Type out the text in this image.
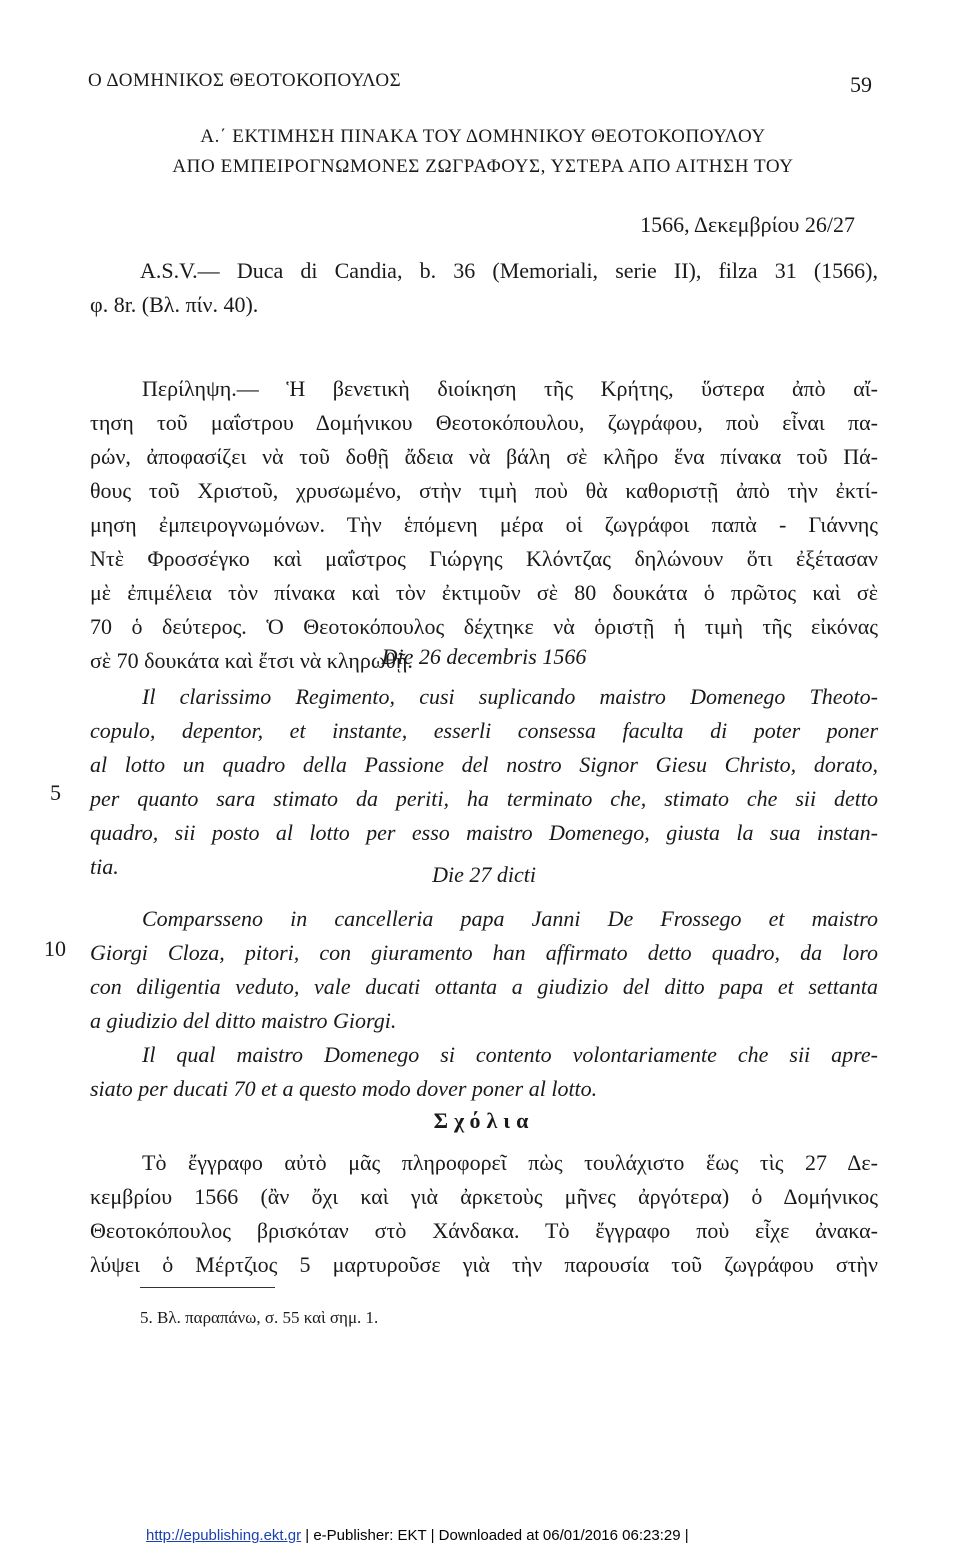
Ο ΔΟΜΗΝΙΚΟΣ ΘΕΟΤΟΚΟΠΟΥΛΟΣ	59
Α.΄ ΕΚΤΙΜΗΣΗ ΠΙΝΑΚΑ ΤΟΥ ΔΟΜΗΝΙΚΟΥ ΘΕΟΤΟΚΟΠΟΥΛΟΥ
ΑΠΟ ΕΜΠΕΙΡΟΓΝΩΜΟΝΕΣ ΖΩΓΡΑΦΟΥΣ, ΥΣΤΕΡΑ ΑΠΟ ΑΙΤΗΣΗ ΤΟΥ
1566, Δεκεμβρίου 26/27
A.S.V.— Duca di Candia, b. 36 (Memoriali, serie II), filza 31 (1566),
φ. 8r. (Βλ. πίν. 40).
Περίληψη.— Ἡ βενετικὴ διοίκηση τῆς Κρήτης, ὕστερα ἀπὸ αἴ-
τηση τοῦ μαΐστρου Δομήνικου Θεοτοκόπουλου, ζωγράφου, ποὺ εἶναι πα-
ρών, ἀποφασίζει νὰ τοῦ δοθῇ ἄδεια νὰ βάλη σὲ κλῆρο ἕνα πίνακα τοῦ Πά-
θους τοῦ Χριστοῦ, χρυσωμένο, στὴν τιμὴ ποὺ θὰ καθοριστῇ ἀπὸ τὴν ἐκτί-
μηση ἐμπειρογνωμόνων. Τὴν ἑπόμενη μέρα οἱ ζωγράφοι παπὰ - Γιάννης
Ντὲ Φροσσέγκο καὶ μαΐστρος Γιώργης Κλόντζας δηλώνουν ὅτι ἐξέτασαν
μὲ ἐπιμέλεια τὸν πίνακα καὶ τὸν ἐκτιμοῦν σὲ 80 δουκάτα ὁ πρῶτος καὶ σὲ
70 ὁ δεύτερος. Ὁ Θεοτοκόπουλος δέχτηκε νὰ ὁριστῇ ἡ τιμὴ τῆς εἰκόνας
σὲ 70 δουκάτα καὶ ἔτσι νὰ κληρωθῇ.
Die 26 decembris 1566
Il clarissimo Regimento, cusi suplicando maistro Domenego Theoto-
copulo, depentor, et instante, esserli consessa faculta di poter poner
al lotto un quadro della Passione del nostro Signor Giesu Christo, dorato,
per quanto sara stimato da periti, ha terminato che, stimato che sii detto
quadro, sii posto al lotto per esso maistro Domenego, giusta la sua instan-
tia.	Die 27 dicti
Comparsseno in cancelleria papa Janni De Frossego et maistro
Giorgi Cloza, pitori, con giuramento han affirmato detto quadro, da loro
con diligentia veduto, vale ducati ottanta a giudizio del ditto papa et settanta
a giudizio del ditto maistro Giorgi.
Il qual maistro Domenego si contento volontariamente che sii apre-
siato per ducati 70 et a questo modo dover poner al lotto.
5
10
Σχόλια
Τὸ ἔγγραφο αὐτὸ μᾶς πληροφορεῖ πὼς τουλάχιστο ἕως τὶς 27 Δε-
κεμβρίου 1566 (ἂν ὄχι καὶ γιὰ ἀρκετοὺς μῆνες ἀργότερα) ὁ Δομήνικος
Θεοτοκόπουλος βρισκόταν στὸ Χάνδακα. Τὸ ἔγγραφο ποὺ εἶχε ἀνακα-
λύψει ὁ Μέρτζιος 5 μαρτυροῦσε γιὰ τὴν παρουσία τοῦ ζωγράφου στὴν
5. Βλ. παραπάνω, σ. 55 καὶ σημ. 1.
http://epublishing.ekt.gr | e-Publisher: EKT | Downloaded at 06/01/2016 06:23:29 |
